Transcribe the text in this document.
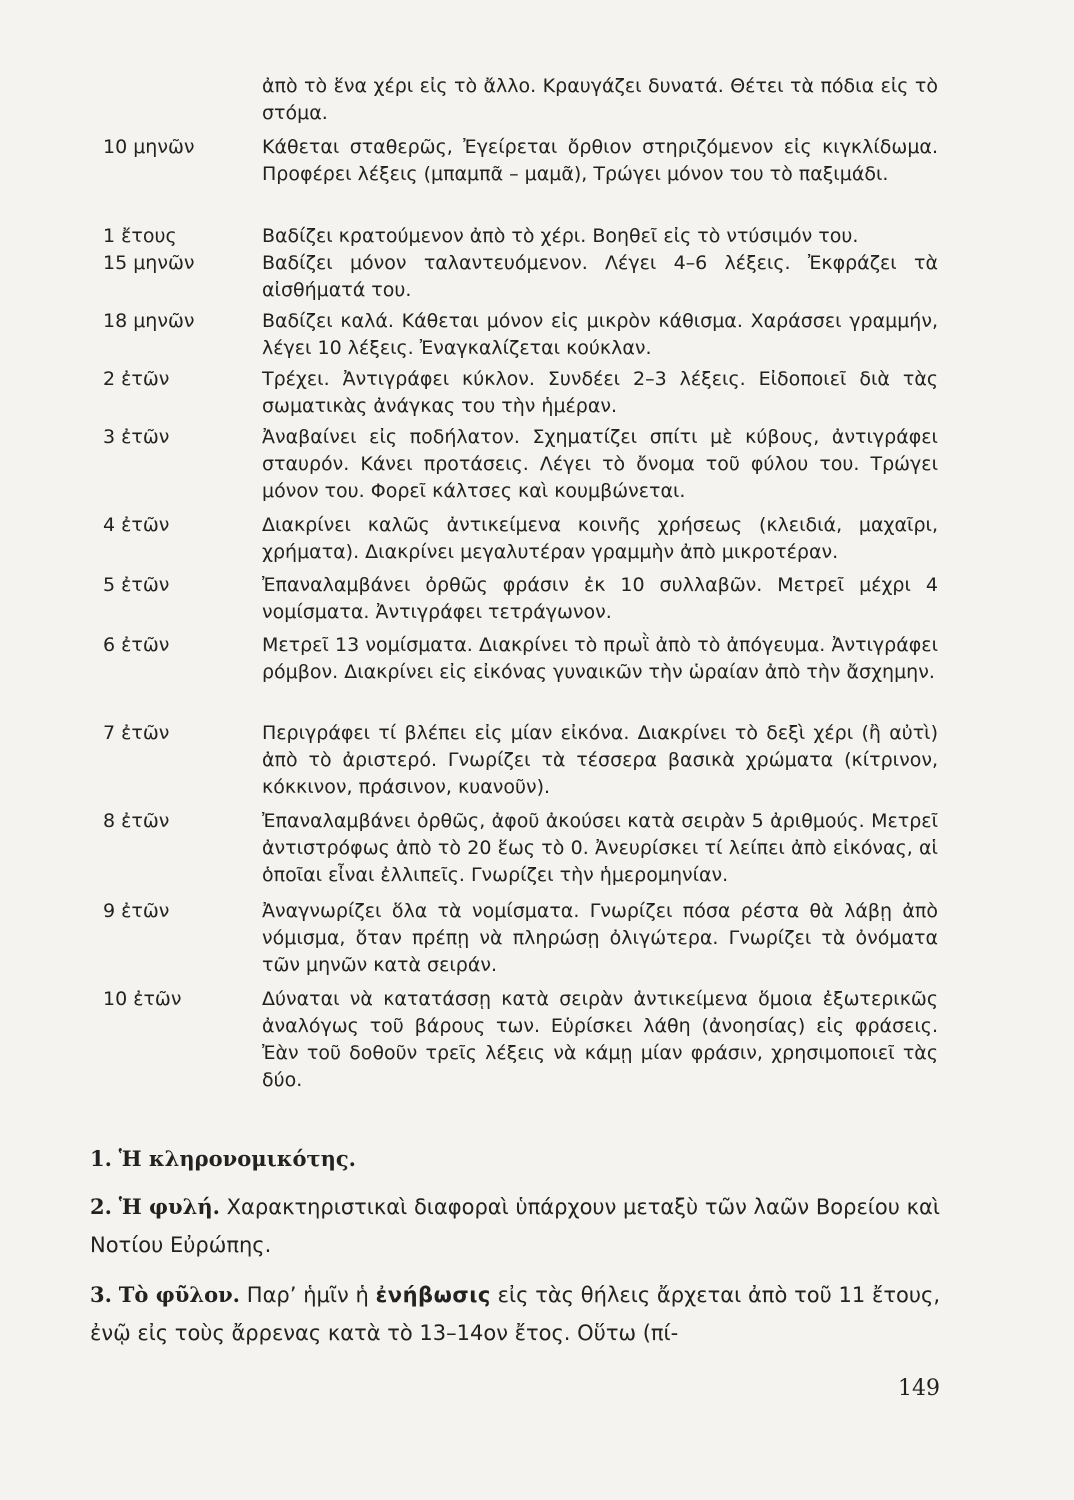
ἀπὸ τὸ ἕνα χέρι εἰς τὸ ἄλλο. Κραυγάζει δυνατά. Θέτει τὰ πόδια εἰς τὸ στόμα.
10 μηνῶν	Κάθεται σταθερῶς, Ἐγείρεται ὄρθιον στηριζόμενον εἰς κιγκλίδωμα. Προφέρει λέξεις (μπαμπᾶ – μαμᾶ), Τρώγει μόνον του τὸ παξιμάδι.
1 ἔτους	Βαδίζει κρατούμενον ἀπὸ τὸ χέρι. Βοηθεῖ εἰς τὸ ντύσιμόν του.
15 μηνῶν	Βαδίζει μόνον ταλαντευόμενον. Λέγει 4–6 λέξεις. Ἐκφράζει τὰ αἰσθήματά του.
18 μηνῶν	Βαδίζει καλά. Κάθεται μόνον εἰς μικρὸν κάθισμα. Χαράσσει γραμμήν, λέγει 10 λέξεις. Ἐναγκαλίζεται κούκλαν.
2 ἐτῶν	Τρέχει. Ἀντιγράφει κύκλον. Συνδέει 2–3 λέξεις. Εἰδοποιεῖ διὰ τὰς σωματικὰς ἀνάγκας του τὴν ἡμέραν.
3 ἐτῶν	Ἀναβαίνει εἰς ποδήλατον. Σχηματίζει σπίτι μὲ κύβους, ἀντιγράφει σταυρόν. Κάνει προτάσεις. Λέγει τὸ ὄνομα τοῦ φύλου του. Τρώγει μόνον του. Φορεῖ κάλτσες καὶ κουμβώνεται.
4 ἐτῶν	Διακρίνει καλῶς ἀντικείμενα κοινῆς χρήσεως (κλειδιά, μαχαῖρι, χρήματα). Διακρίνει μεγαλυτέραν γραμμὴν ἀπὸ μικροτέραν.
5 ἐτῶν	Ἐπαναλαμβάνει ὀρθῶς φράσιν ἐκ 10 συλλαβῶν. Μετρεῖ μέχρι 4 νομίσματα. Ἀντιγράφει τετράγωνον.
6 ἐτῶν	Μετρεῖ 13 νομίσματα. Διακρίνει τὸ πρωῒ ἀπὸ τὸ ἀπόγευμα. Ἀντιγράφει ρόμβον. Διακρίνει εἰς εἰκόνας γυναικῶν τὴν ὡραίαν ἀπὸ τὴν ἄσχημην.
7 ἐτῶν	Περιγράφει τί βλέπει εἰς μίαν εἰκόνα. Διακρίνει τὸ δεξὶ χέρι (ἢ αὐτὶ) ἀπὸ τὸ ἀριστερό. Γνωρίζει τὰ τέσσερα βασικὰ χρώματα (κίτρινον, κόκκινον, πράσινον, κυανοῦν).
8 ἐτῶν	Ἐπαναλαμβάνει ὀρθῶς, ἀφοῦ ἀκούσει κατὰ σειρὰν 5 ἀριθμούς. Μετρεῖ ἀντιστρόφως ἀπὸ τὸ 20 ἕως τὸ 0. Ἀνευρίσκει τί λείπει ἀπὸ εἰκόνας, αἱ ὁποῖαι εἶναι ἐλλιπεῖς. Γνωρίζει τὴν ἡμερομηνίαν.
9 ἐτῶν	Ἀναγνωρίζει ὅλα τὰ νομίσματα. Γνωρίζει πόσα ρέστα θὰ λάβῃ ἀπὸ νόμισμα, ὅταν πρέπῃ νὰ πληρώσῃ ὀλιγώτερα. Γνωρίζει τὰ ὀνόματα τῶν μηνῶν κατὰ σειράν.
10 ἐτῶν	Δύναται νὰ κατατάσσῃ κατὰ σειρὰν ἀντικείμενα ὅμοια ἐξωτερικῶς ἀναλόγως τοῦ βάρους των. Εὑρίσκει λάθη (ἀνοησίας) εἰς φράσεις. Ἐὰν τοῦ δοθοῦν τρεῖς λέξεις νὰ κάμῃ μίαν φράσιν, χρησιμοποιεῖ τὰς δύο.
1. Ἡ κληρονομικότης.
2. Ἡ φυλή. Χαρακτηριστικαὶ διαφοραὶ ὑπάρχουν μεταξὺ τῶν λαῶν Βορείου καὶ Νοτίου Εὐρώπης.
3. Τὸ φῦλον. Παρ’ ἡμῖν ἡ ἐνήβωσις εἰς τὰς θήλεις ἄρχεται ἀπὸ τοῦ 11 ἔτους, ἐνῷ εἰς τοὺς ἄρρενας κατὰ τὸ 13–14ον ἔτος. Οὕτω (πί-
149
